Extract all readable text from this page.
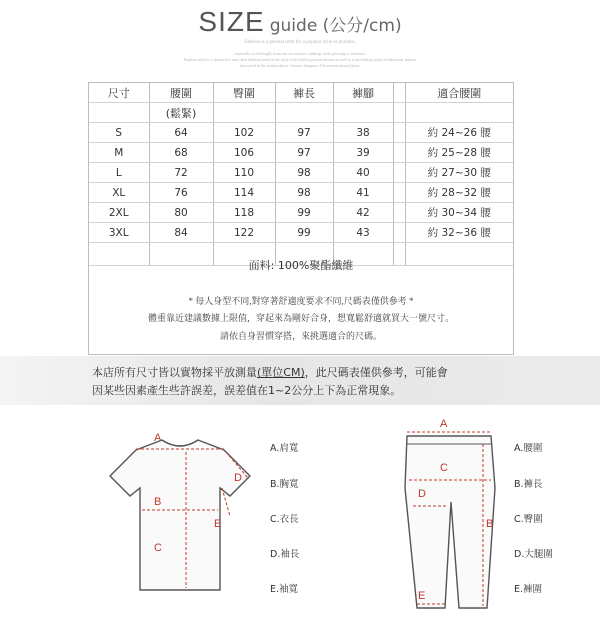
SIZE guide (公分/cm)
Fashion is a general term for a popular style or practice,
especially in clothing& footwear, accessories, makeup, body piercing or furniture.
Fashion refers to a distinctive and often habitual trend in the style with which a person dresses as well as to prevailing styles in behaviour fashion
also noted in the nomenclature climatic designers The nomenclatural items.
尺寸	腰圍	臀圍	褲長	褲腳		適合腰圍
	(鬆緊)					
S	64	102	97	38		約 24~26 腰
M	68	106	97	39		約 25~28 腰
L	72	110	98	40		約 27~30 腰
XL	76	114	98	41		約 28~32 腰
2XL	80	118	99	42		約 30~34 腰
3XL	84	122	99	43		約 32~36 腰

面料: 100%聚酯纖維
* 每人身型不同,對穿著舒適度要求不同,尺碼表僅供參考 *
體重靠近建議數據上限值，穿起來為剛好合身，想寬鬆舒適就買大一號尺寸。
請依自身習慣穿搭，來挑選適合的尺碼。
本店所有尺寸皆以實物採平放測量(單位CM)，此尺碼表僅供參考，可能會
因某些因素產生些許誤差，誤差值在1~2公分上下為正常現象。
A
B
C
D
E
A.肩寬
B.胸寬
C.衣長
D.袖長
E.袖寬
A
B
C
D
E
A.腰圍
B.褲長
C.臀圍
D.大腿圍
E.褲圍
